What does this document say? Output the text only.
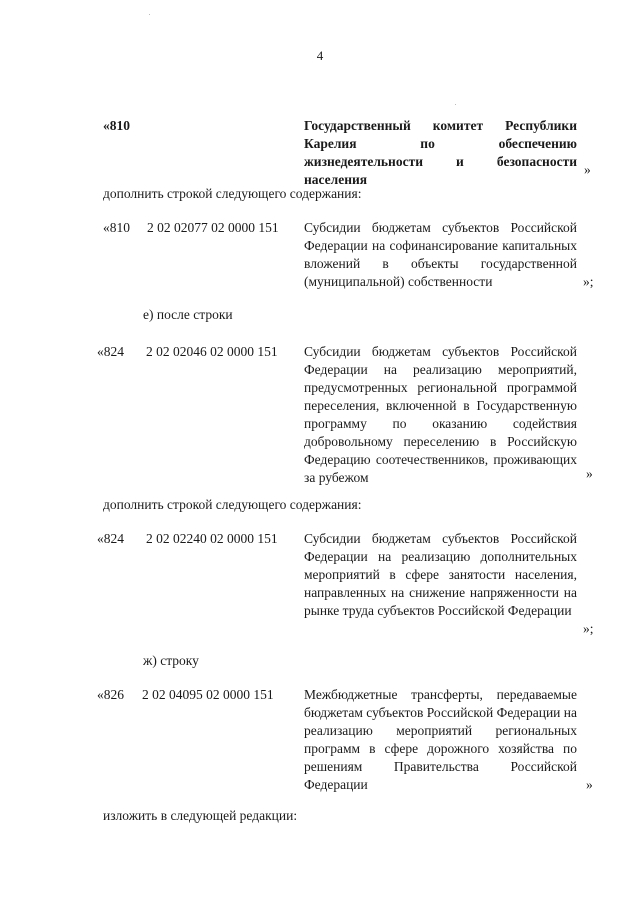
4
«810	Государственный комитет Республики Карелия по обеспечению жизнедеятельности и безопасности населения
»
дополнить строкой следующего содержания:
«810 2 02 02077 02 0000 151 Субсидии бюджетам субъектов Российской Федерации на софинансирование капитальных вложений в объекты государственной (муниципальной) собственности	»;
е) после строки
«824 2 02 02046 02 0000 151 Субсидии бюджетам субъектов Российской Федерации на реализацию мероприятий, предусмотренных региональной программой переселения, включенной в Государственную программу по оказанию содействия добровольному переселению в Российскую Федерацию соотечественников, проживающих за рубежом	»
дополнить строкой следующего содержания:
«824 2 02 02240 02 0000 151 Субсидии бюджетам субъектов Российской Федерации на реализацию дополнительных мероприятий в сфере занятости населения, направленных на снижение напряженности на рынке труда субъектов Российской Федерации
»;
ж) строку
«826 2 02 04095 02 0000 151 Межбюджетные трансферты, передаваемые бюджетам субъектов Российской Федерации на реализацию мероприятий региональных программ в сфере дорожного хозяйства по решениям Правительства Российской Федерации	»
изложить в следующей редакции:
